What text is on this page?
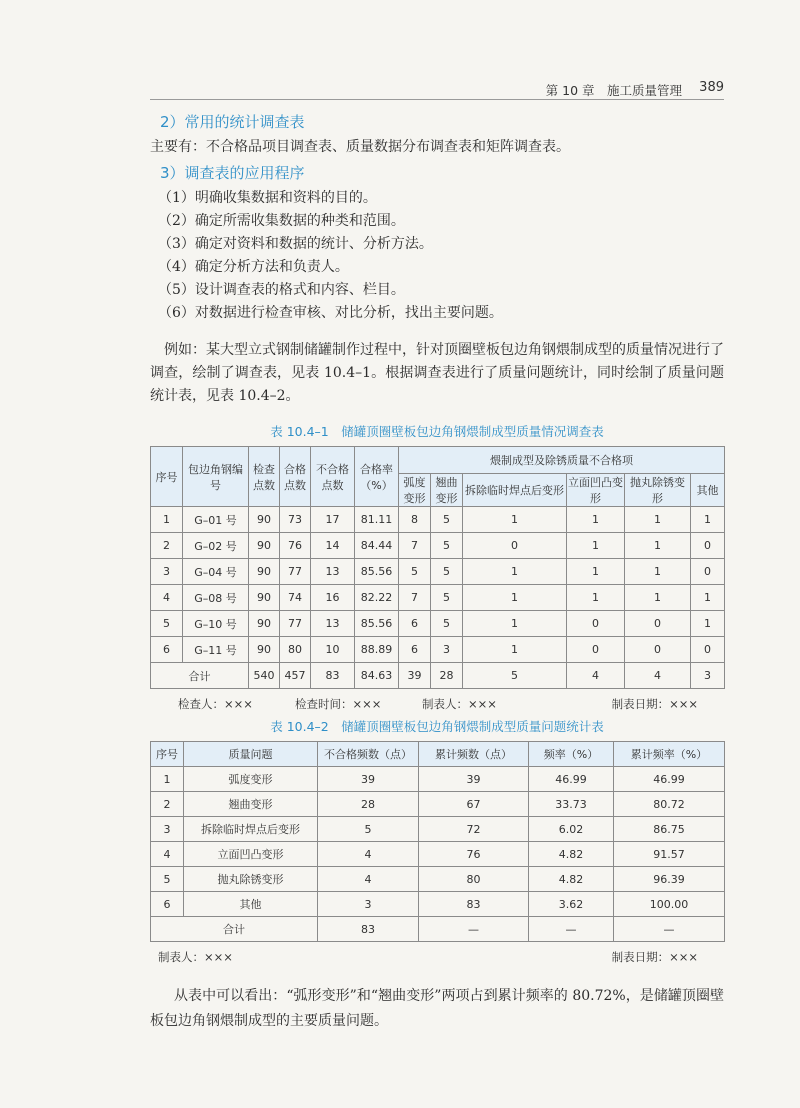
第 10 章　施工质量管理 389
2）常用的统计调查表

主要有：不合格品项目调查表、质量数据分布调查表和矩阵调查表。

3）调查表的应用程序

（1）明确收集数据和资料的目的。

（2）确定所需收集数据的种类和范围。

（3）确定对资料和数据的统计、分析方法。

（4）确定分析方法和负责人。

（5）设计调查表的格式和内容、栏目。

（6）对数据进行检查审核、对比分析，找出主要问题。

例如：某大型立式钢制储罐制作过程中，针对顶圈壁板包边角钢煨制成型的质量情况进行了调查，绘制了调查表，见表 10.4–1。根据调查表进行了质量问题统计，同时绘制了质量问题统计表，见表 10.4–2。

表 10.4–1　储罐顶圈壁板包边角钢煨制成型质量情况调查表
序号	包边角钢编号	检查点数	合格点数	不合格点数	合格率（%）	煨制成型及除锈质量不合格项					
						弧度变形	翘曲变形	拆除临时焊点后变形	立面凹凸变形	抛丸除锈变形	其他
1	G–01 号	90	73	17	81.11	8	5	1	1	1	1
2	G–02 号	90	76	14	84.44	7	5	0	1	1	0
3	G–04 号	90	77	13	85.56	5	5	1	1	1	0
4	G–08 号	90	74	16	82.22	7	5	1	1	1	1
5	G–10 号	90	77	13	85.56	6	5	1	0	0	1
6	G–11 号	90	80	10	88.89	6	3	1	0	0	0
合计		540	457	83	84.63	39	28	5	4	4	3
检查人：×××	检查时间：×××	制表人：×××	制表日期：×××
表 10.4–2　储罐顶圈壁板包边角钢煨制成型质量问题统计表
序号	质量问题	不合格频数（点）	累计频数（点）	频率（%）	累计频率（%）
1	弧度变形	39	39	46.99	46.99
2	翘曲变形	28	67	33.73	80.72
3	拆除临时焊点后变形	5	72	6.02	86.75
4	立面凹凸变形	4	76	4.82	91.57
5	抛丸除锈变形	4	80	4.82	96.39
6	其他	3	83	3.62	100.00
合计		83	—	—	—
制表人：×××	制表日期：×××

从表中可以看出：“弧形变形”和“翘曲变形”两项占到累计频率的 80.72%，是储罐顶圈壁板包边角钢煨制成型的主要质量问题。
